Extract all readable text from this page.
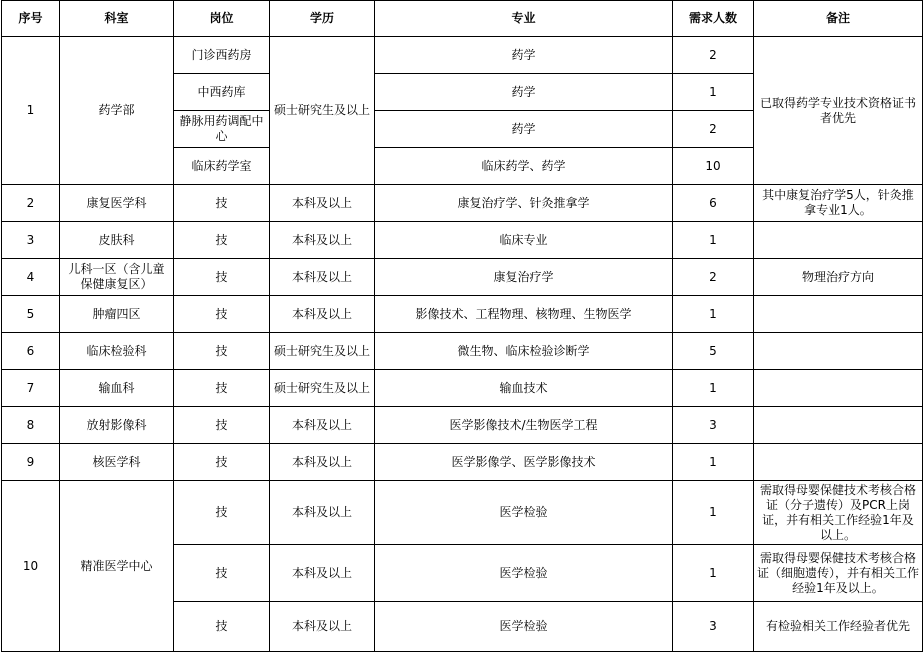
序号	科室	岗位	学历	专业	需求人数	备注
1	药学部	门诊西药房	硕士研究生及以上	药学	2	已取得药学专业技术资格证书者优先
		中西药库		药学	1	
		静脉用药调配中心		药学	2	
		临床药学室		临床药学、药学	10	
2	康复医学科	技	本科及以上	康复治疗学、针灸推拿学	6	其中康复治疗学5人，针灸推拿专业1人。
3	皮肤科	技	本科及以上	临床专业	1	
4	儿科一区（含儿童保健康复区）	技	本科及以上	康复治疗学	2	物理治疗方向
5	肿瘤四区	技	本科及以上	影像技术、工程物理、核物理、生物医学	1	
6	临床检验科	技	硕士研究生及以上	微生物、临床检验诊断学	5	
7	输血科	技	硕士研究生及以上	输血技术	1	
8	放射影像科	技	本科及以上	医学影像技术/生物医学工程	3	
9	核医学科	技	本科及以上	医学影像学、医学影像技术	1	
10	精准医学中心	技	本科及以上	医学检验	1	需取得母婴保健技术考核合格证（分子遗传）及PCR上岗证，并有相关工作经验1年及以上。
		技	本科及以上	医学检验	1	需取得母婴保健技术考核合格证（细胞遗传），并有相关工作经验1年及以上。
		技	本科及以上	医学检验	3	有检验相关工作经验者优先
